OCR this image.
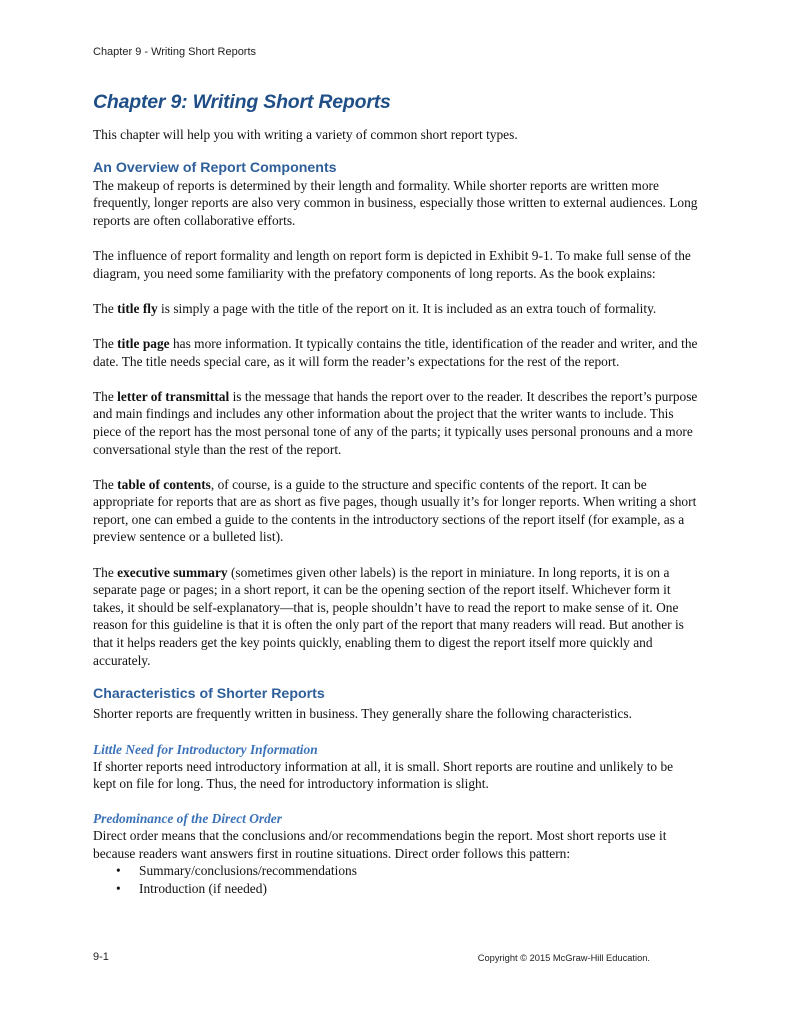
Chapter 9 - Writing Short Reports
Chapter 9: Writing Short Reports

This chapter will help you with writing a variety of common short report types.

An Overview of Report Components

The makeup of reports is determined by their length and formality. While shorter reports are written more frequently, longer reports are also very common in business, especially those written to external audiences. Long reports are often collaborative efforts.

The influence of report formality and length on report form is depicted in Exhibit 9-1. To make full sense of the diagram, you need some familiarity with the prefatory components of long reports. As the book explains:

The title fly is simply a page with the title of the report on it. It is included as an extra touch of formality.

The title page has more information. It typically contains the title, identification of the reader and writer, and the date. The title needs special care, as it will form the reader’s expectations for the rest of the report.

The letter of transmittal is the message that hands the report over to the reader. It describes the report’s purpose and main findings and includes any other information about the project that the writer wants to include. This piece of the report has the most personal tone of any of the parts; it typically uses personal pronouns and a more conversational style than the rest of the report.

The table of contents, of course, is a guide to the structure and specific contents of the report. It can be appropriate for reports that are as short as five pages, though usually it’s for longer reports. When writing a short report, one can embed a guide to the contents in the introductory sections of the report itself (for example, as a preview sentence or a bulleted list).

The executive summary (sometimes given other labels) is the report in miniature. In long reports, it is on a separate page or pages; in a short report, it can be the opening section of the report itself. Whichever form it takes, it should be self-explanatory—that is, people shouldn’t have to read the report to make sense of it. One reason for this guideline is that it is often the only part of the report that many readers will read. But another is that it helps readers get the key points quickly, enabling them to digest the report itself more quickly and accurately.

Characteristics of Shorter Reports

Shorter reports are frequently written in business. They generally share the following characteristics.

Little Need for Introductory Information

If shorter reports need introductory information at all, it is small. Short reports are routine and unlikely to be kept on file for long. Thus, the need for introductory information is slight.

Predominance of the Direct Order

Direct order means that the conclusions and/or recommendations begin the report. Most short reports use it because readers want answers first in routine situations. Direct order follows this pattern:

• Summary/conclusions/recommendations
• Introduction (if needed)
9-1	Copyright © 2015 McGraw-Hill Education.
